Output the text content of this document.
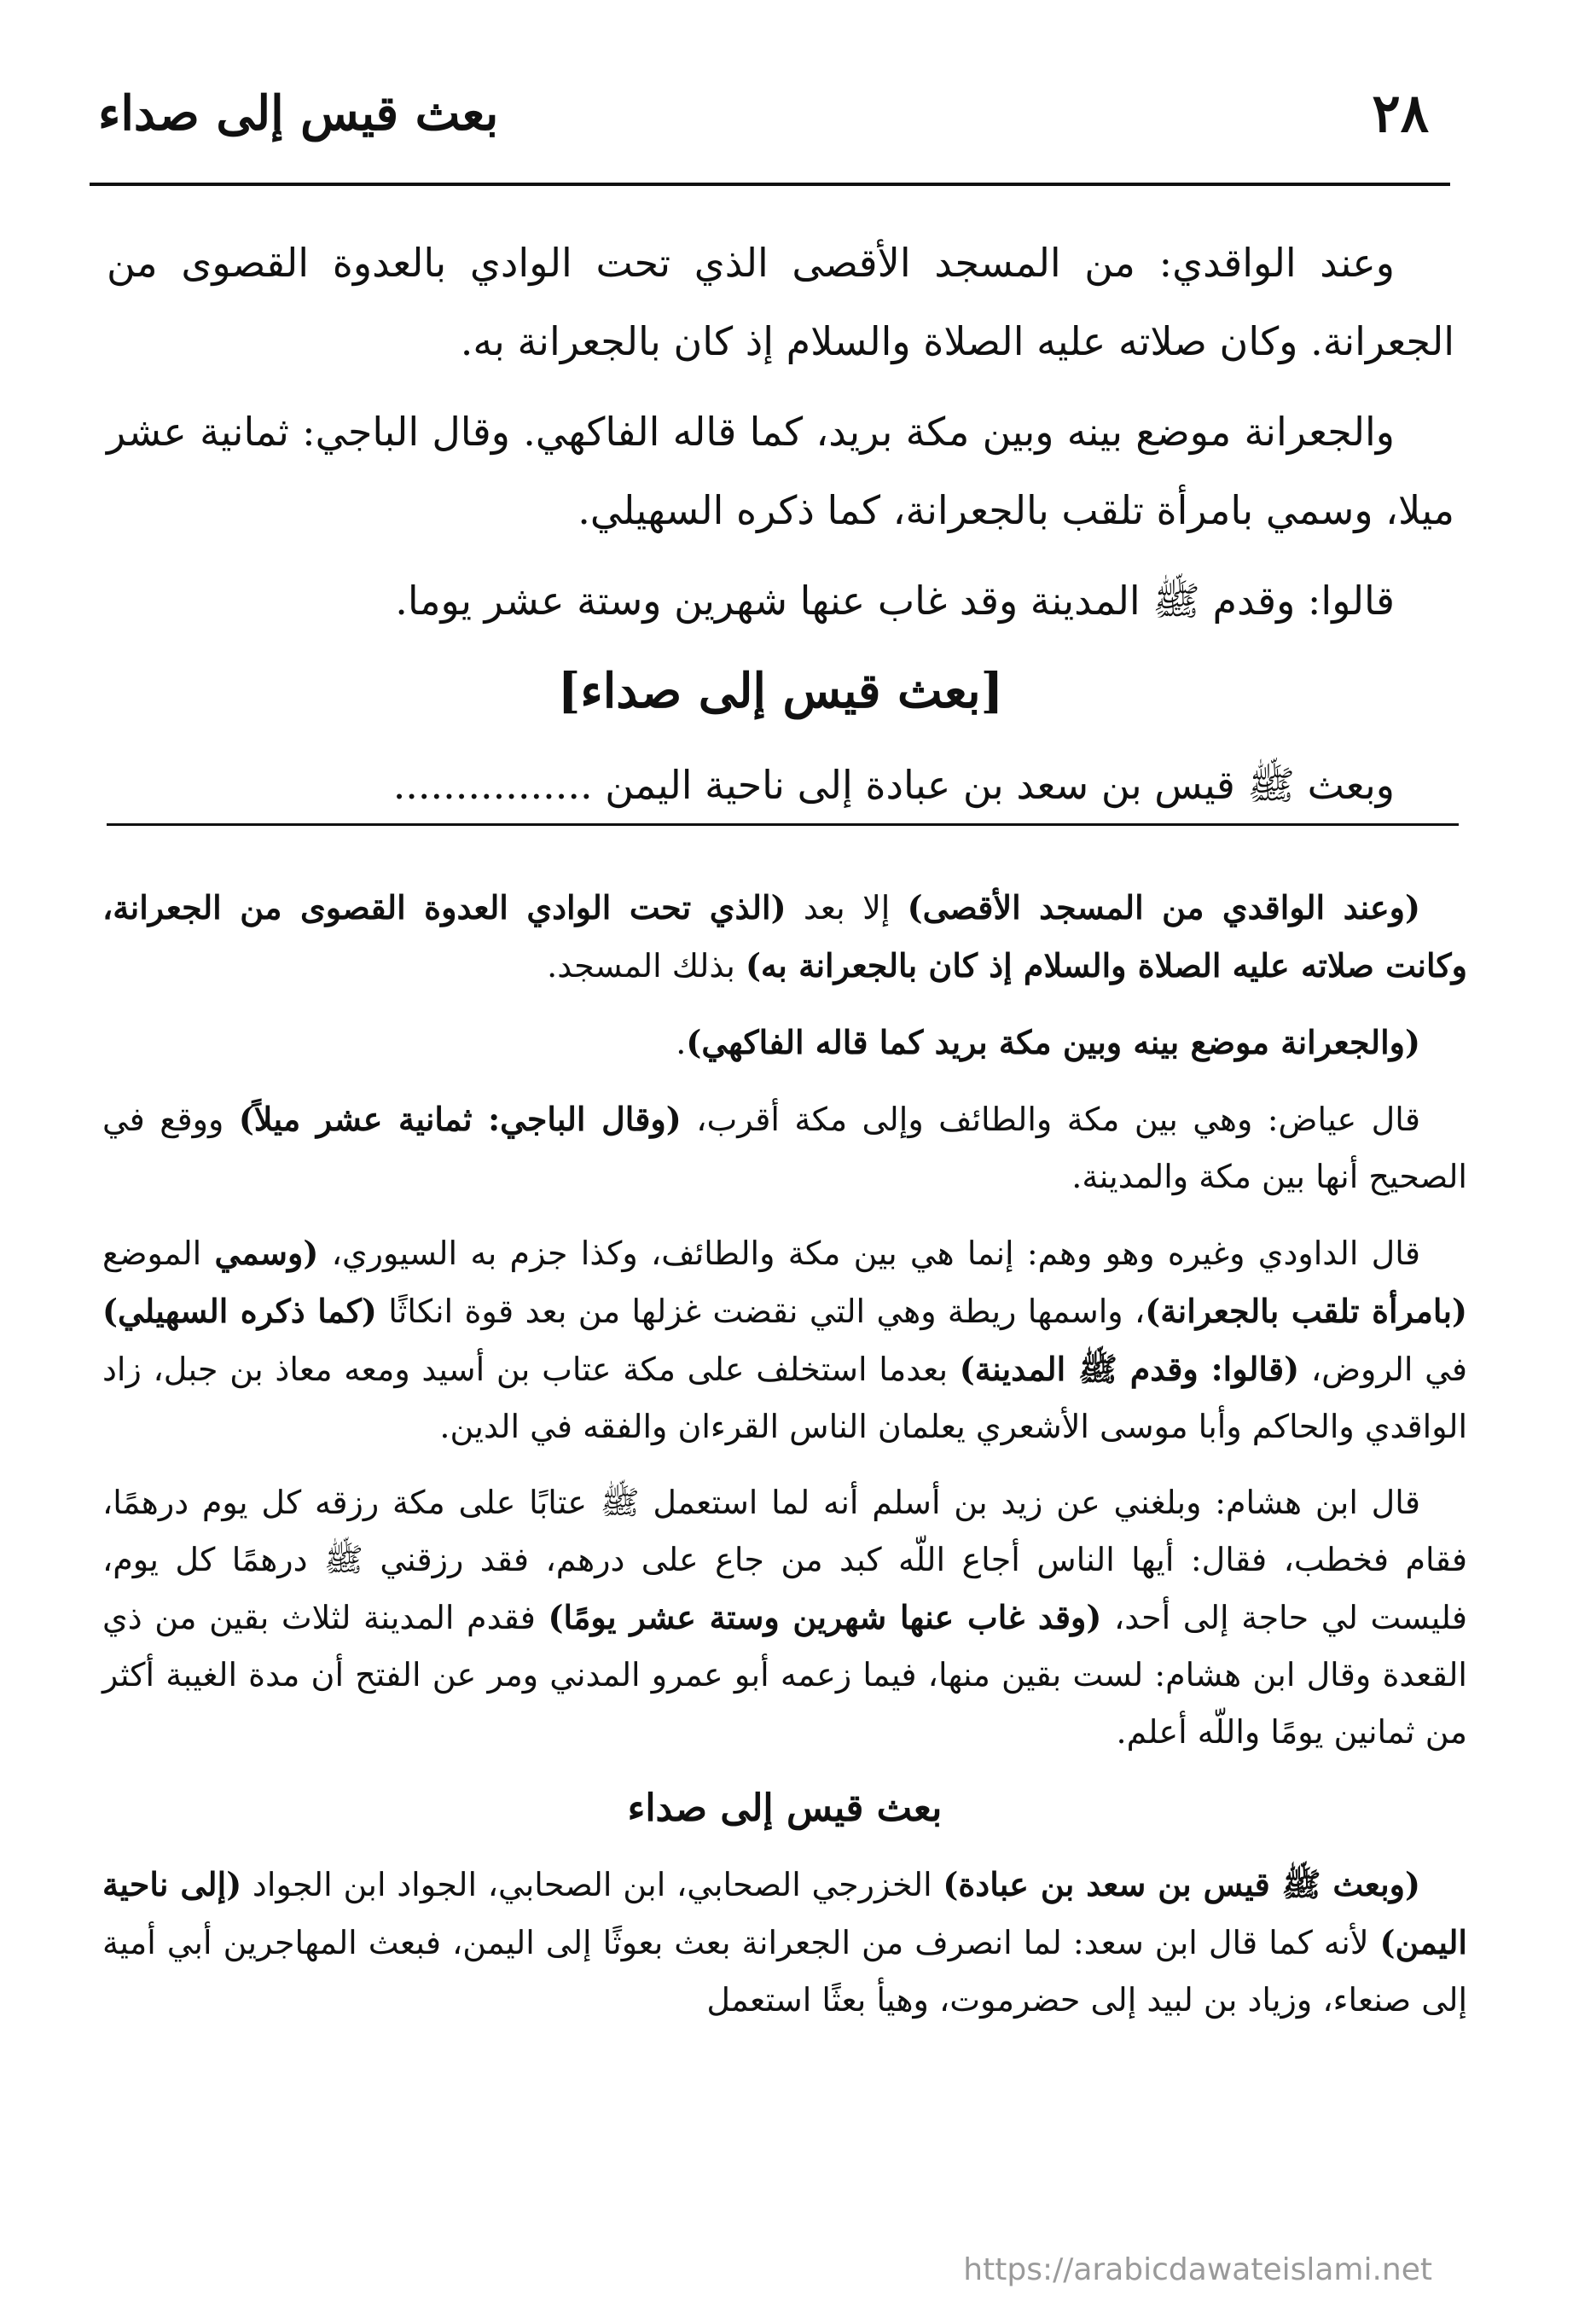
٢٨
بعث قيس إلى صداء

وعند الواقدي: من المسجد الأقصى الذي تحت الوادي بالعدوة القصوى من الجعرانة. وكان صلاته عليه الصلاة والسلام إذ كان بالجعرانة به.

والجعرانة موضع بينه وبين مكة بريد، كما قاله الفاكهي. وقال الباجي: ثمانية عشر ميلا، وسمي بامرأة تلقب بالجعرانة، كما ذكره السهيلي.

قالوا: وقدم ﷺ المدينة وقد غاب عنها شهرين وستة عشر يوما.

[بعث قيس إلى صداء]

وبعث ﷺ قيس بن سعد بن عبادة إلى ناحية اليمن ................

(وعند الواقدي من المسجد الأقصى) إلا بعد (الذي تحت الوادي العدوة القصوى من الجعرانة، وكانت صلاته عليه الصلاة والسلام إذ كان بالجعرانة به) بذلك المسجد.

(والجعرانة موضع بينه وبين مكة بريد كما قاله الفاكهي).

قال عياض: وهي بين مكة والطائف وإلى مكة أقرب، (وقال الباجي: ثمانية عشر ميلاً) ووقع في الصحيح أنها بين مكة والمدينة.

قال الداودي وغيره وهو وهم: إنما هي بين مكة والطائف، وكذا جزم به السيوري، (وسمي الموضع (بامرأة تلقب بالجعرانة)، واسمها ريطة وهي التي نقضت غزلها من بعد قوة انكاثًا (كما ذكره السهيلي) في الروض، (قالوا: وقدم ﷺ المدينة) بعدما استخلف على مكة عتاب بن أسيد ومعه معاذ بن جبل، زاد الواقدي والحاكم وأبا موسى الأشعري يعلمان الناس القرءان والفقه في الدين.

قال ابن هشام: وبلغني عن زيد بن أسلم أنه لما استعمل ﷺ عتابًا على مكة رزقه كل يوم درهمًا، فقام فخطب، فقال: أيها الناس أجاع اللّه كبد من جاع على درهم، فقد رزقني ﷺ درهمًا كل يوم، فليست لي حاجة إلى أحد، (وقد غاب عنها شهرين وستة عشر يومًا) فقدم المدينة لثلاث بقين من ذي القعدة وقال ابن هشام: لست بقين منها، فيما زعمه أبو عمرو المدني ومر عن الفتح أن مدة الغيبة أكثر من ثمانين يومًا واللّه أعلم.

بعث قيس إلى صداء

(وبعث ﷺ قيس بن سعد بن عبادة) الخزرجي الصحابي، ابن الصحابي، الجواد ابن الجواد (إلى ناحية اليمن) لأنه كما قال ابن سعد: لما انصرف من الجعرانة بعث بعوثًا إلى اليمن، فبعث المهاجرين أبي أمية إلى صنعاء، وزياد بن لبيد إلى حضرموت، وهيأ بعثًا استعمل

https://arabicdawateislami.net
